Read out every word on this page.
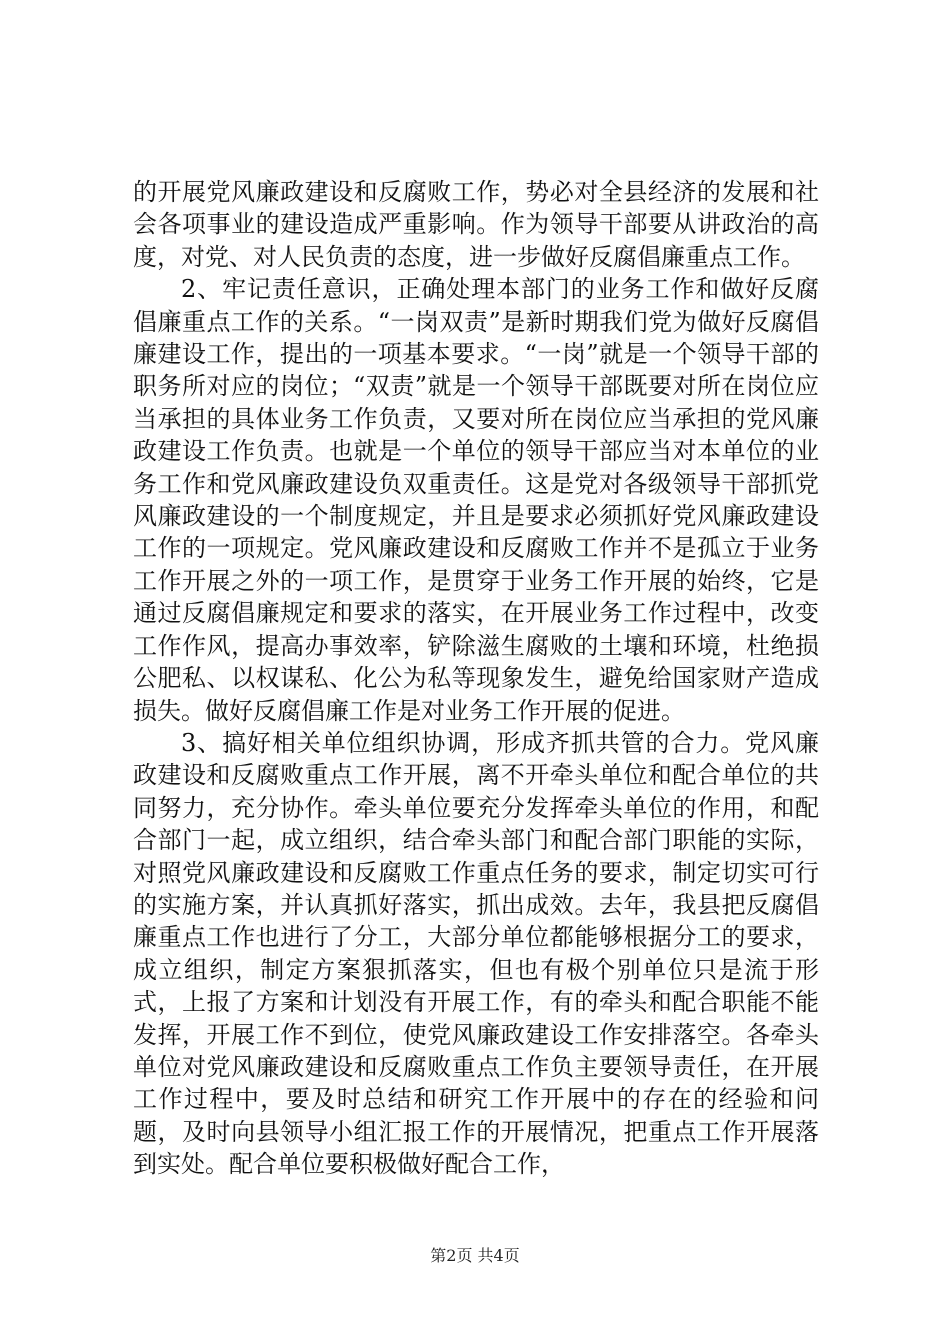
的开展党风廉政建设和反腐败工作，势必对全县经济的发展和社会各项事业的建设造成严重影响。作为领导干部要从讲政治的高度，对党、对人民负责的态度，进一步做好反腐倡廉重点工作。

2、牢记责任意识，正确处理本部门的业务工作和做好反腐倡廉重点工作的关系。“一岗双责”是新时期我们党为做好反腐倡廉建设工作，提出的一项基本要求。“一岗”就是一个领导干部的职务所对应的岗位；“双责”就是一个领导干部既要对所在岗位应当承担的具体业务工作负责，又要对所在岗位应当承担的党风廉政建设工作负责。也就是一个单位的领导干部应当对本单位的业务工作和党风廉政建设负双重责任。这是党对各级领导干部抓党风廉政建设的一个制度规定，并且是要求必须抓好党风廉政建设工作的一项规定。党风廉政建设和反腐败工作并不是孤立于业务工作开展之外的一项工作，是贯穿于业务工作开展的始终，它是通过反腐倡廉规定和要求的落实，在开展业务工作过程中，改变工作作风，提高办事效率，铲除滋生腐败的土壤和环境，杜绝损公肥私、以权谋私、化公为私等现象发生，避免给国家财产造成损失。做好反腐倡廉工作是对业务工作开展的促进。

3、搞好相关单位组织协调，形成齐抓共管的合力。党风廉政建设和反腐败重点工作开展，离不开牵头单位和配合单位的共同努力，充分协作。牵头单位要充分发挥牵头单位的作用，和配合部门一起，成立组织，结合牵头部门和配合部门职能的实际，对照党风廉政建设和反腐败工作重点任务的要求，制定切实可行的实施方案，并认真抓好落实，抓出成效。去年，我县把反腐倡廉重点工作也进行了分工，大部分单位都能够根据分工的要求，成立组织，制定方案狠抓落实，但也有极个别单位只是流于形式，上报了方案和计划没有开展工作，有的牵头和配合职能不能发挥，开展工作不到位，使党风廉政建设工作安排落空。各牵头单位对党风廉政建设和反腐败重点工作负主要领导责任，在开展工作过程中，要及时总结和研究工作开展中的存在的经验和问题，及时向县领导小组汇报工作的开展情况，把重点工作开展落到实处。配合单位要积极做好配合工作，

第2页 共4页
